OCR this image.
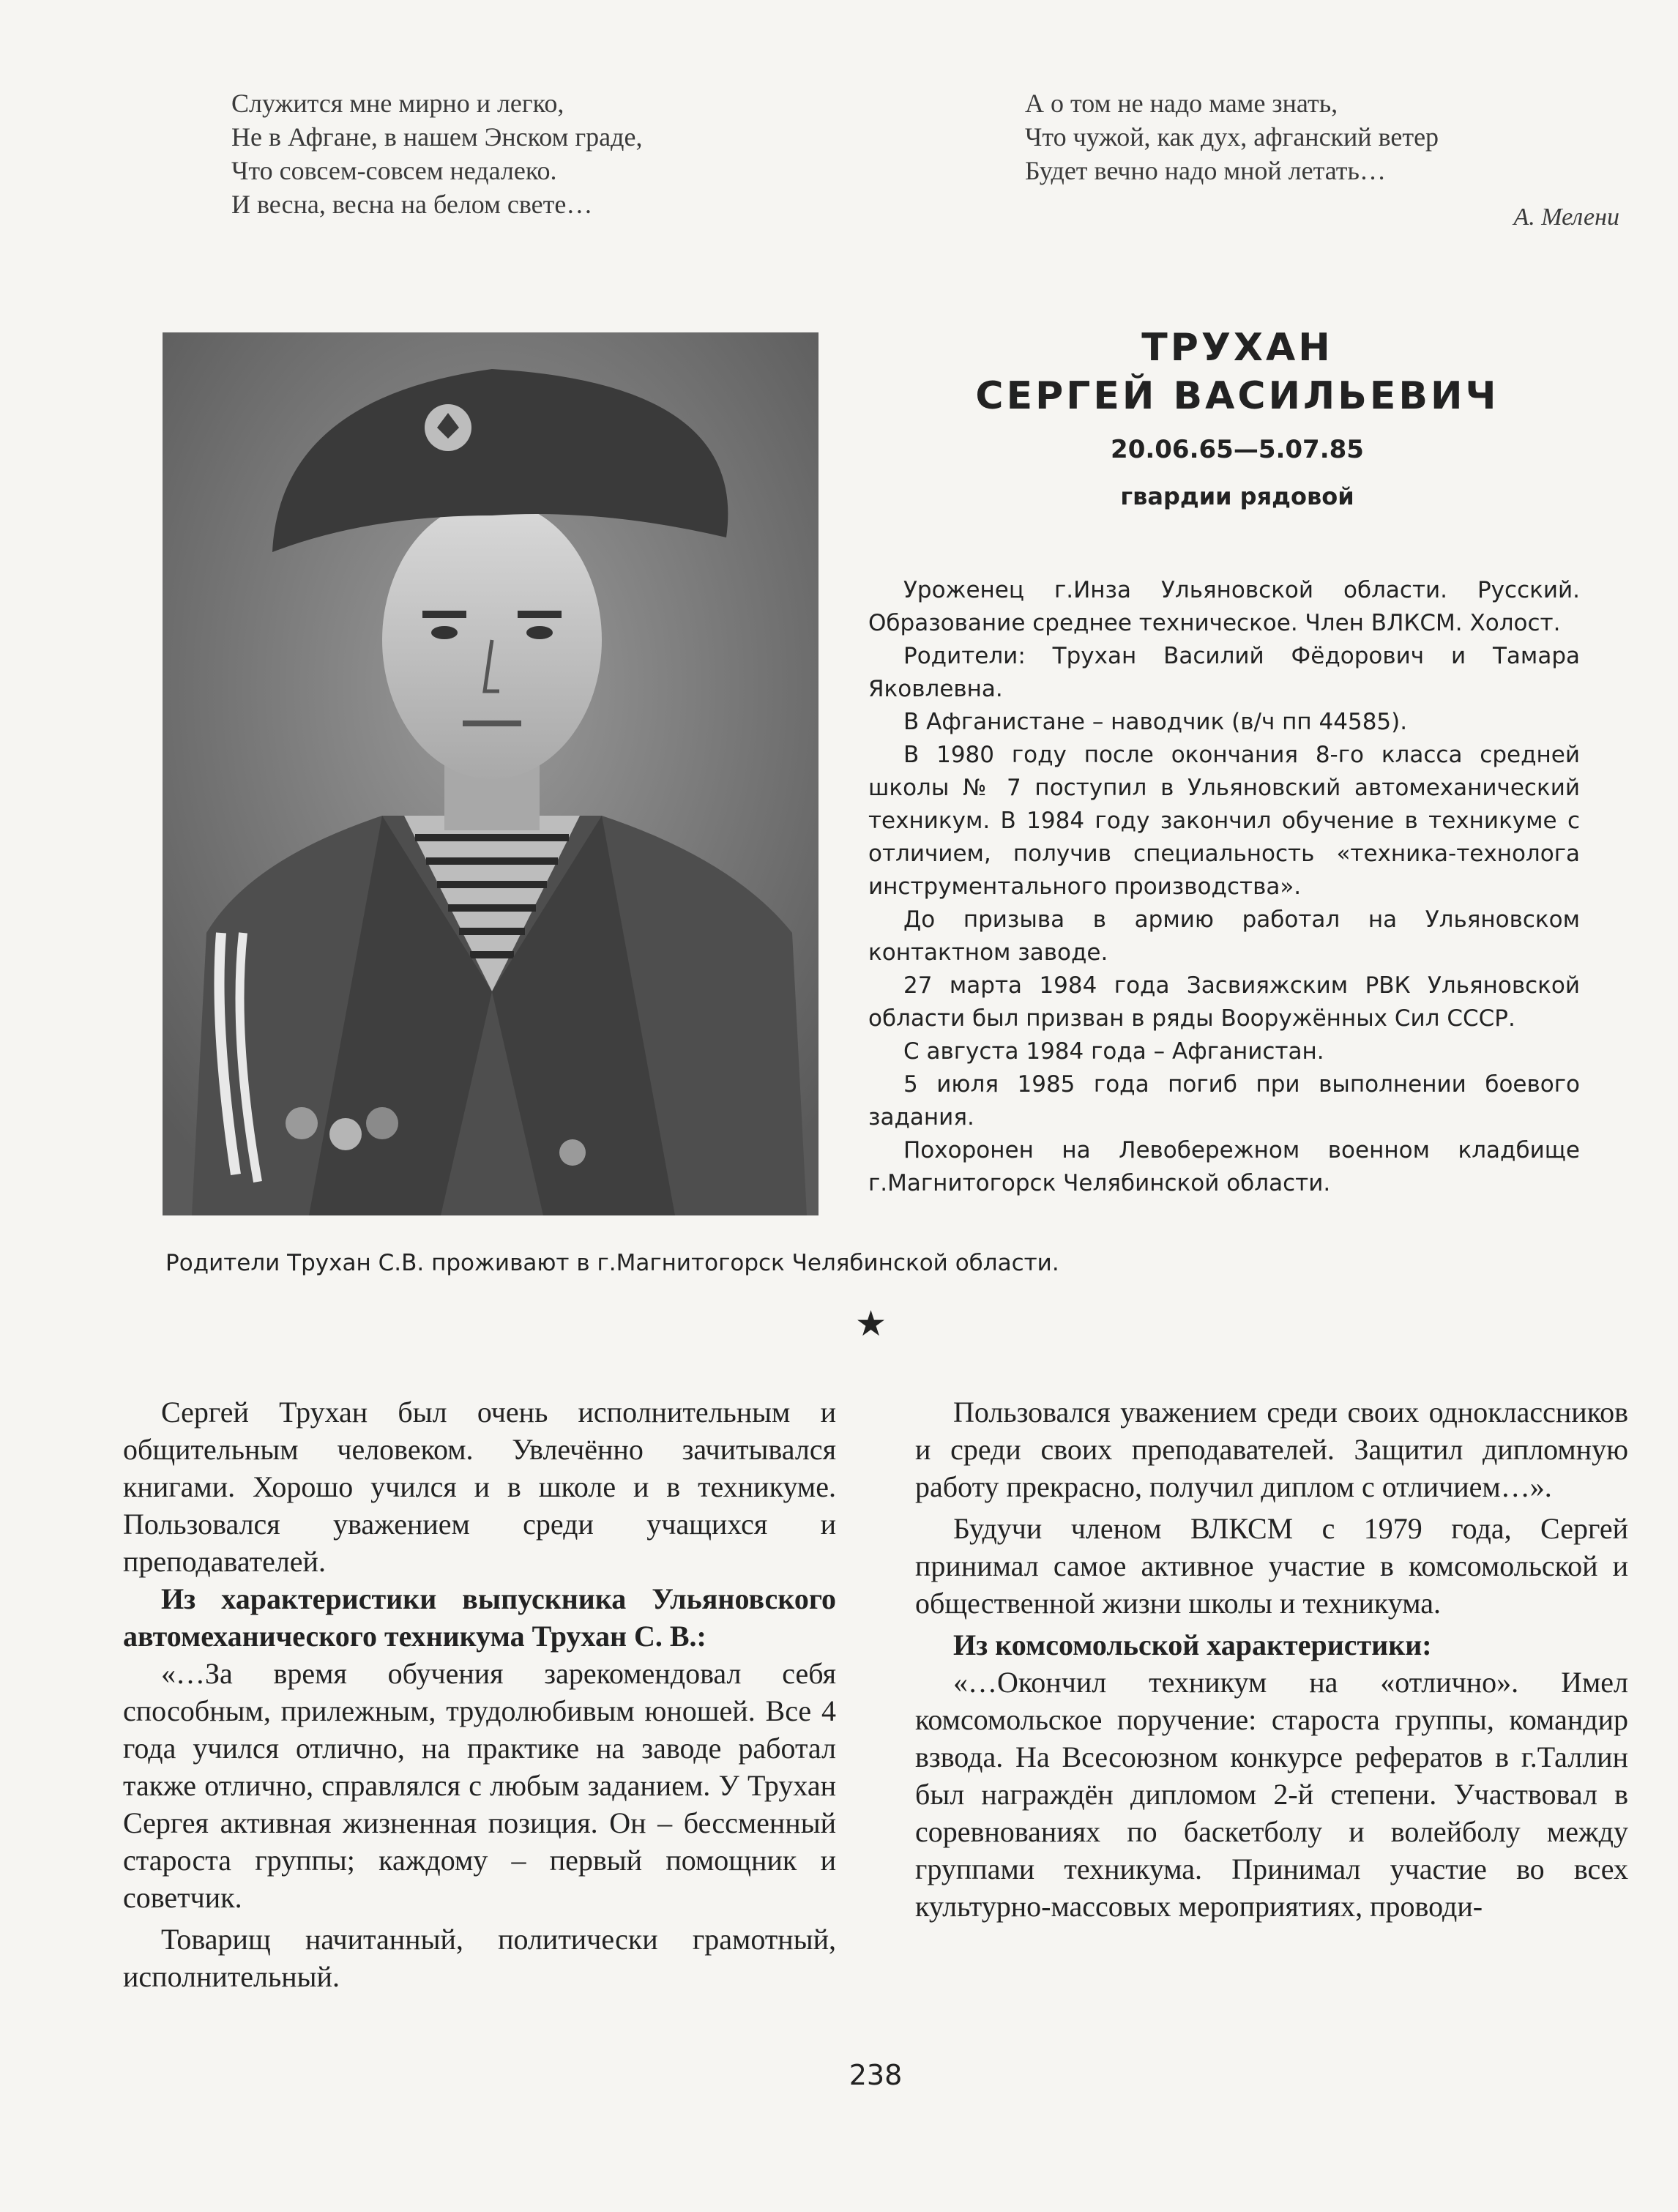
Служится мне мирно и легко,
Не в Афгане, в нашем Энском граде,
Что совсем-совсем недалеко.
И весна, весна на белом свете…
А о том не надо маме знать,
Что чужой, как дух, афганский ветер
Будет вечно надо мной летать…
А. Мелени
ТРУХАН
СЕРГЕЙ ВАСИЛЬЕВИЧ
20.06.65—5.07.85
гвардии рядовой

Уроженец г.Инза Ульяновской области. Русский. Образование среднее техническое. Член ВЛКСМ. Холост.

Родители: Трухан Василий Фёдорович и Тамара Яковлевна.

В Афганистане – наводчик (в/ч пп 44585).

В 1980 году после окончания 8-го класса средней школы № 7 поступил в Ульяновский автомеханический техникум. В 1984 году закончил обучение в техникуме с отличием, получив специальность «техника-технолога инструментального производства».

До призыва в армию работал на Ульяновском контактном заводе.

27 марта 1984 года Засвияжским РВК Ульяновской области был призван в ряды Вооружённых Сил СССР.

С августа 1984 года – Афганистан.

5 июля 1985 года погиб при выполнении боевого задания.

Похоронен на Левобережном военном кладбище г.Магнитогорск Челябинской области.

Родители Трухан С.В. проживают в г.Магнитогорск Челябинской области.
★

Сергей Трухан был очень исполнительным и общительным человеком. Увлечённо зачитывался книгами. Хорошо учился и в школе и в техникуме. Пользовался уважением среди учащихся и преподавателей.

Из характеристики выпускника Ульяновского автомеханического техникума Трухан С. В.:

«…За время обучения зарекомендовал себя способным, прилежным, трудолюбивым юношей. Все 4 года учился отлично, на практике на заводе работал также отлично, справлялся с любым заданием. У Трухан Сергея активная жизненная позиция. Он – бессменный староста группы; каждому – первый помощник и советчик.

Товарищ начитанный, политически грамотный, исполнительный.

Пользовался уважением среди своих одноклассников и среди своих преподавателей. Защитил дипломную работу прекрасно, получил диплом с отличием…».

Будучи членом ВЛКСМ с 1979 года, Сергей принимал самое активное участие в комсомольской и общественной жизни школы и техникума.

Из комсомольской характеристики:

«…Окончил техникум на «отлично». Имел комсомольское поручение: староста группы, командир взвода. На Всесоюзном конкурсе рефератов в г.Таллин был награждён дипломом 2-й степени. Участвовал в соревнованиях по баскетболу и волейболу между группами техникума. Принимал участие во всех культурно-массовых мероприятиях, проводи-

238
